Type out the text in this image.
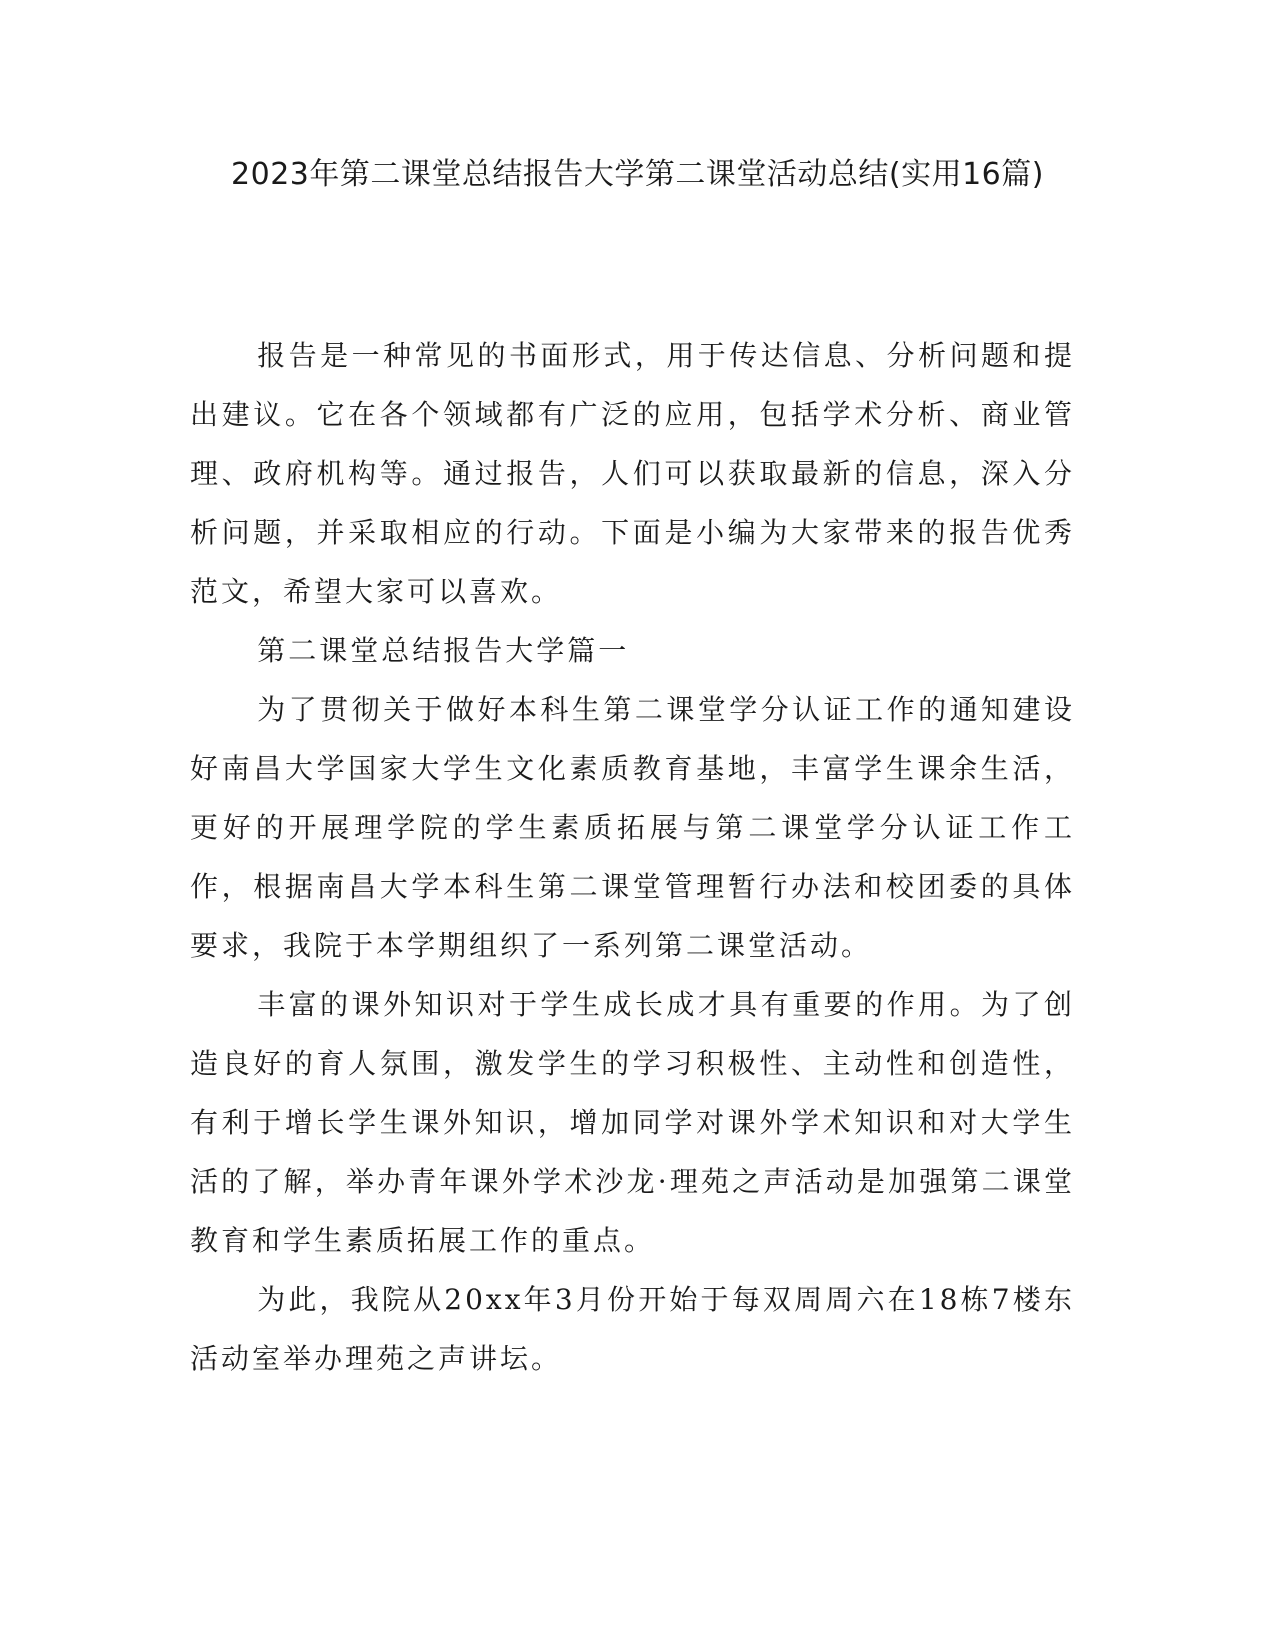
2023年第二课堂总结报告大学第二课堂活动总结(实用16篇)

报告是一种常见的书面形式，用于传达信息、分析问题和提出建议。它在各个领域都有广泛的应用，包括学术分析、商业管理、政府机构等。通过报告，人们可以获取最新的信息，深入分析问题，并采取相应的行动。下面是小编为大家带来的报告优秀范文，希望大家可以喜欢。

第二课堂总结报告大学篇一

为了贯彻关于做好本科生第二课堂学分认证工作的通知建设好南昌大学国家大学生文化素质教育基地，丰富学生课余生活，更好的开展理学院的学生素质拓展与第二课堂学分认证工作工作，根据南昌大学本科生第二课堂管理暂行办法和校团委的具体要求，我院于本学期组织了一系列第二课堂活动。

丰富的课外知识对于学生成长成才具有重要的作用。为了创造良好的育人氛围，激发学生的学习积极性、主动性和创造性，有利于增长学生课外知识，增加同学对课外学术知识和对大学生活的了解，举办青年课外学术沙龙·理苑之声活动是加强第二课堂教育和学生素质拓展工作的重点。

为此，我院从20xx年3月份开始于每双周周六在18栋7楼东活动室举办理苑之声讲坛。
